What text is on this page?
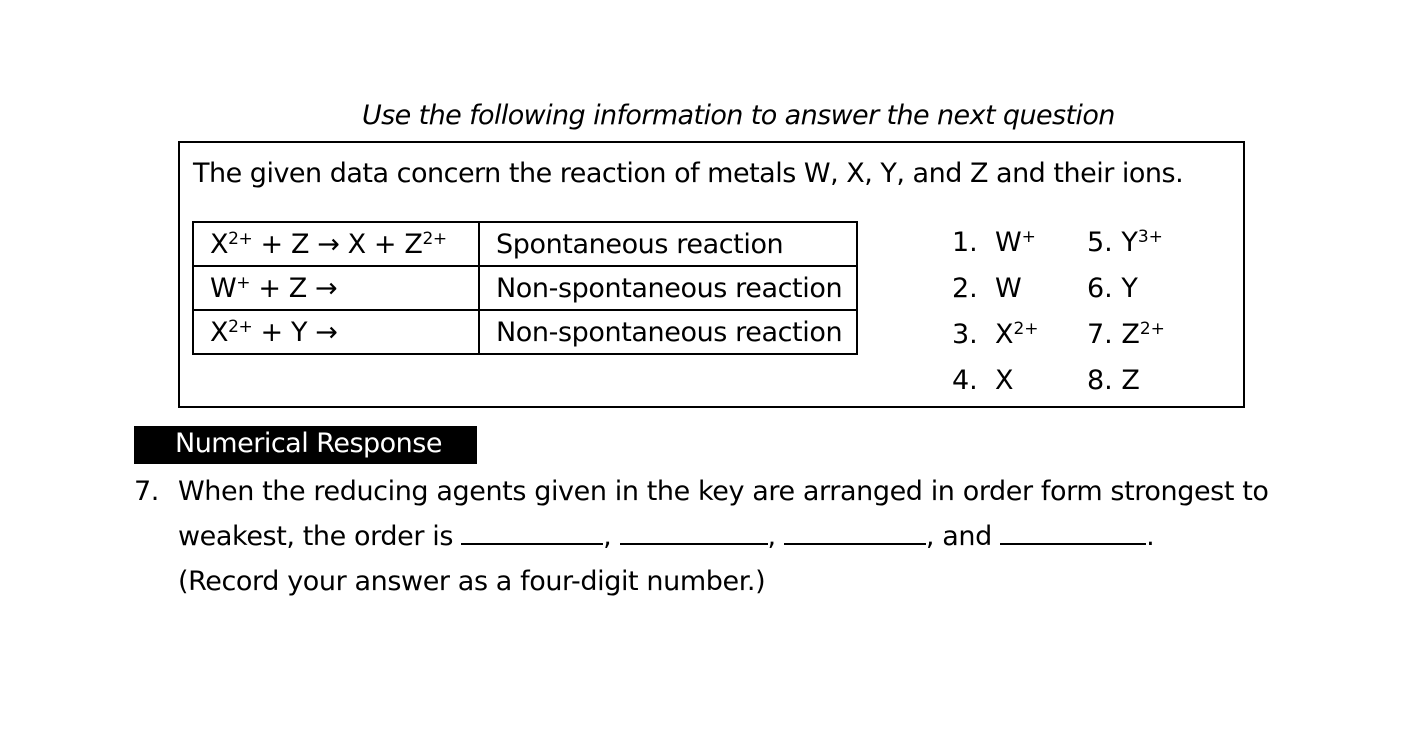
Use the following information to answer the next question
The given data concern the reaction of metals W, X, Y, and Z and their ions.
$X^{2+} + Z \to X + Z^{2+}$	Spontaneous reaction
W+ + Z →	Non-spontaneous reaction
$X^{2+} + Y$ →	Non-spontaneous reaction
1. W+
2. W
3. $X^{2+}$
4. X
5. $Y^{3+}$
6. Y
7. $Z^{2+}$
8. Z
Numerical Response
7. When the reducing agents given in the key are arranged in order form strongest to
weakest, the order is	,	,	, and	.
(Record your answer as a four-digit number.)
